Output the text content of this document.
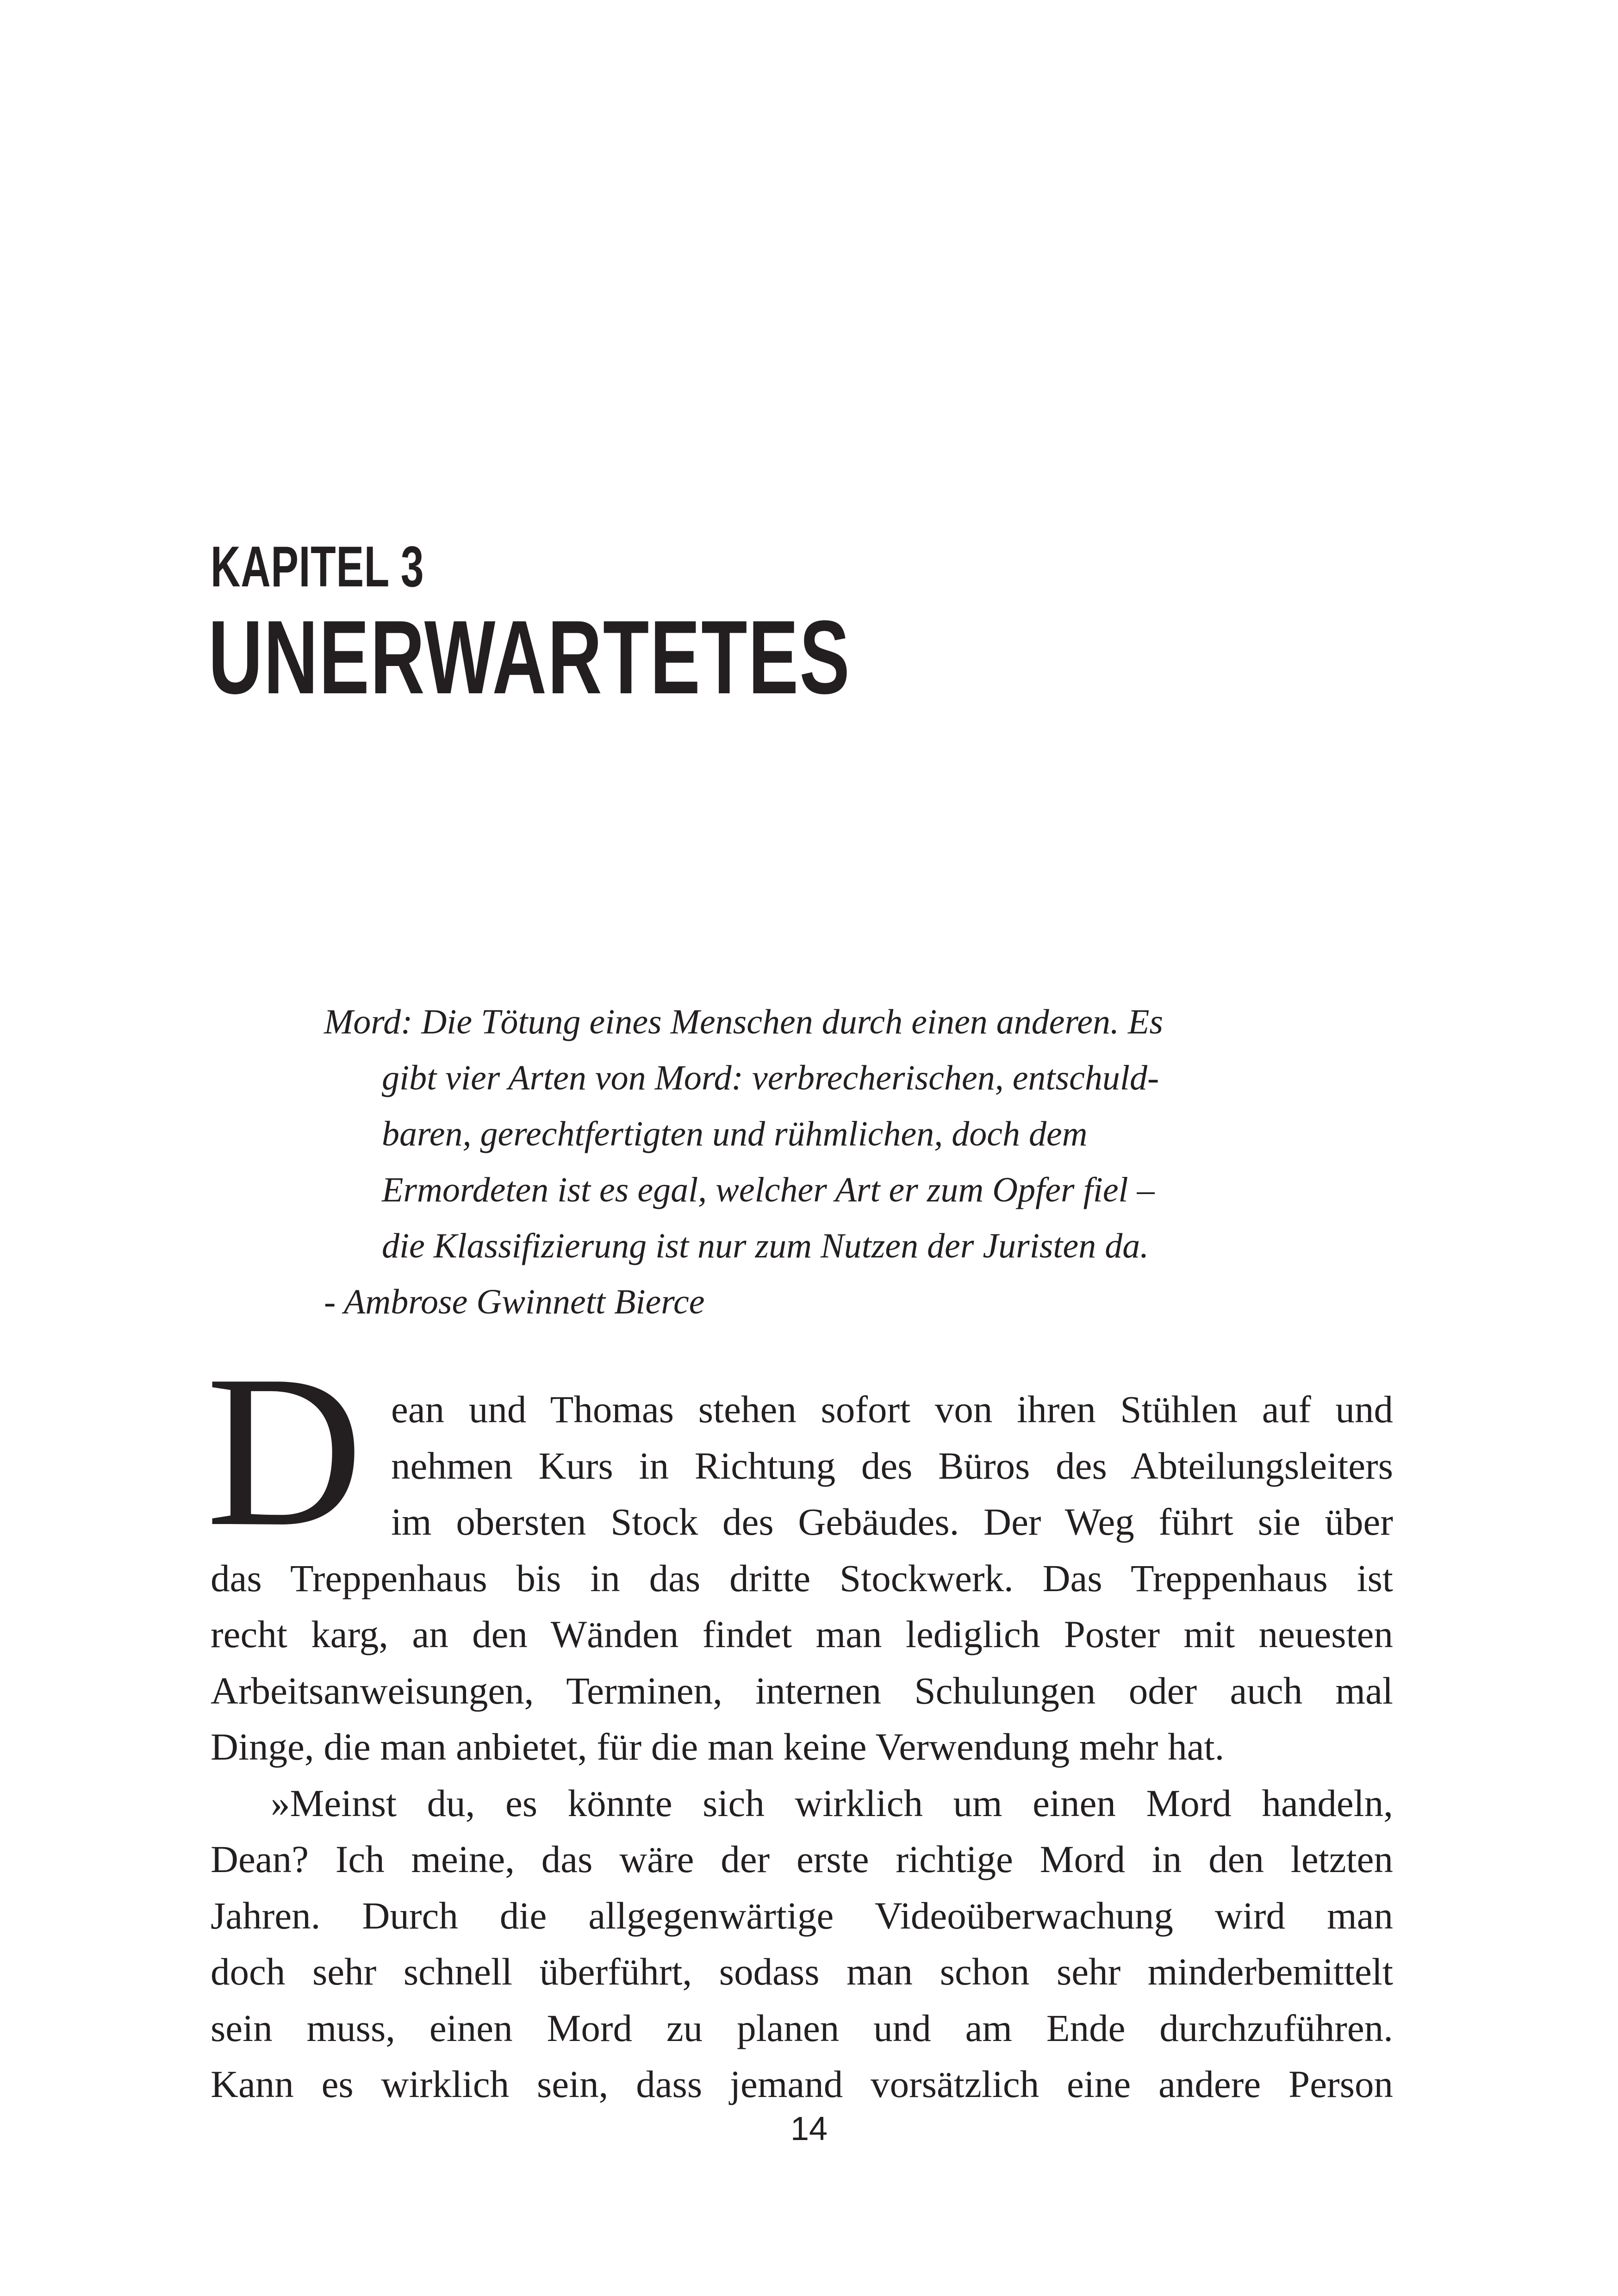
KAPITEL 3
UNERWARTETES
Mord: Die Tötung eines Menschen durch einen anderen. Es
gibt vier Arten von Mord: verbrecherischen, entschuld-
baren, gerechtfertigten und rühmlichen, doch dem
Ermordeten ist es egal, welcher Art er zum Opfer fiel –
die Klassifizierung ist nur zum Nutzen der Juristen da.
- Ambrose Gwinnett Bierce
D ean und Thomas stehen sofort von ihren Stühlen auf und
nehmen Kurs in Richtung des Büros des Abteilungsleiters
im obersten Stock des Gebäudes. Der Weg führt sie über
das Treppenhaus bis in das dritte Stockwerk. Das Treppenhaus ist
recht karg, an den Wänden findet man lediglich Poster mit neuesten
Arbeitsanweisungen, Terminen, internen Schulungen oder auch mal
Dinge, die man anbietet, für die man keine Verwendung mehr hat.
»Meinst du, es könnte sich wirklich um einen Mord handeln,
Dean? Ich meine, das wäre der erste richtige Mord in den letzten
Jahren. Durch die allgegenwärtige Videoüberwachung wird man
doch sehr schnell überführt, sodass man schon sehr minderbemittelt
sein muss, einen Mord zu planen und am Ende durchzuführen.
Kann es wirklich sein, dass jemand vorsätzlich eine andere Person
14
